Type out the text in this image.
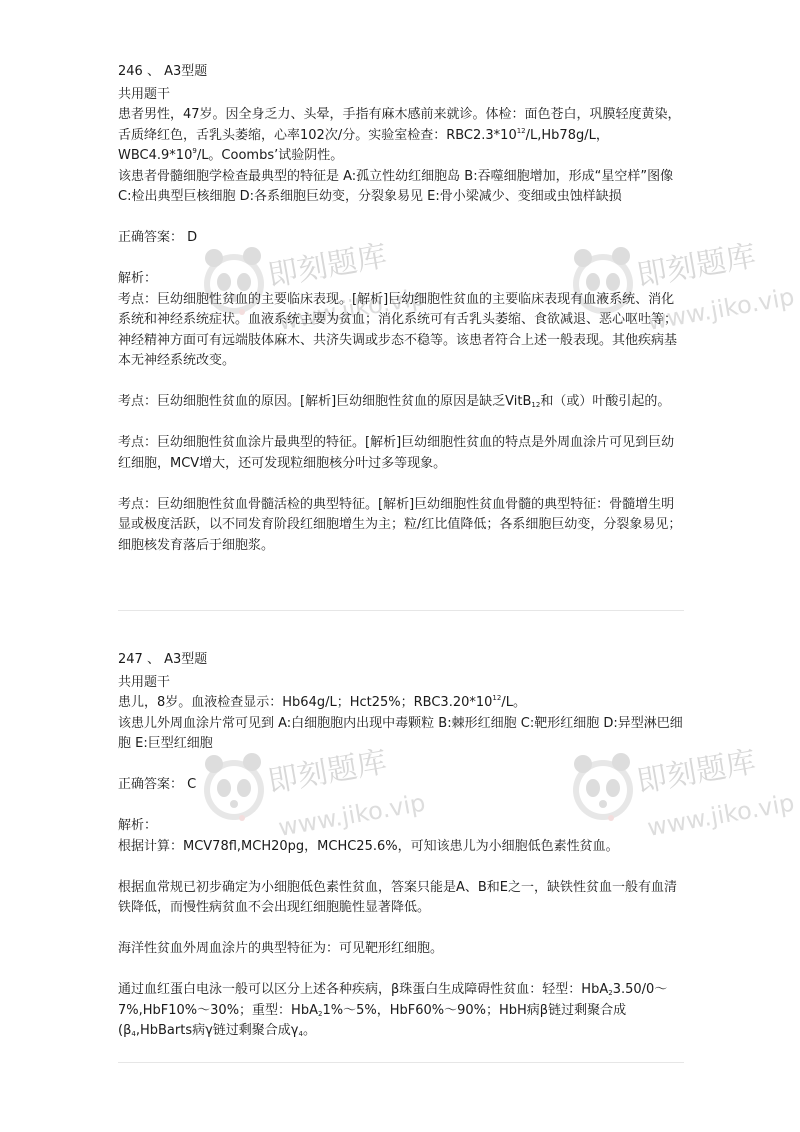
即刻题库
www.jiko.vip
即刻题库
www.jiko.vip
即刻题库
www.jiko.vip
即刻题库
www.jiko.vip

246 、 A3型题

共用题干

患者男性，47岁。因全身乏力、头晕，手指有麻木感前来就诊。体检：面色苍白，巩膜轻度黄染，舌质绛红色，舌乳头萎缩，心率102次/分。实验室检查：$RBC2.3*10^{12}/L,Hb78g/L$，$WBC4.9*10^9/L$。Coombs’试验阴性。

该患者骨髓细胞学检查最典型的特征是 A:孤立性幼红细胞岛 B:吞噬细胞增加，形成“星空样”图像 C:检出典型巨核细胞 D:各系细胞巨幼变，分裂象易见 E:骨小梁减少、变细或虫蚀样缺损

正确答案： D

解析：

考点：巨幼细胞性贫血的主要临床表现。[解析]巨幼细胞性贫血的主要临床表现有血液系统、消化系统和神经系统症状。血液系统主要为贫血；消化系统可有舌乳头萎缩、食欲减退、恶心呕吐等；神经精神方面可有远端肢体麻木、共济失调或步态不稳等。该患者符合上述一般表现。其他疾病基本无神经系统改变。

考点：巨幼细胞性贫血的原因。[解析]巨幼细胞性贫血的原因是缺乏VitB$_{12}$和（或）叶酸引起的。

考点：巨幼细胞性贫血涂片最典型的特征。[解析]巨幼细胞性贫血的特点是外周血涂片可见到巨幼红细胞，MCV增大，还可发现粒细胞核分叶过多等现象。

考点：巨幼细胞性贫血骨髓活检的典型特征。[解析]巨幼细胞性贫血骨髓的典型特征：骨髓增生明显或极度活跃，以不同发育阶段红细胞增生为主；粒/红比值降低；各系细胞巨幼变，分裂象易见；细胞核发育落后于细胞浆。

247 、 A3型题

共用题干

患儿，8岁。血液检查显示：Hb64g/L；Hct25%；$RBC3.20*10^{12}/L$。

该患儿外周血涂片常可见到 A:白细胞胞内出现中毒颗粒 B:棘形红细胞 C:靶形红细胞 D:异型淋巴细胞 E:巨型红细胞

正确答案： C

解析：

根据计算：MCV78fl,MCH20pg，MCHC25.6%，可知该患儿为小细胞低色素性贫血。

根据血常规已初步确定为小细胞低色素性贫血，答案只能是A、B和E之一，缺铁性贫血一般有血清铁降低，而慢性病贫血不会出现红细胞脆性显著降低。

海洋性贫血外周血涂片的典型特征为：可见靶形红细胞。

通过血红蛋白电泳一般可以区分上述各种疾病，β珠蛋白生成障碍性贫血：轻型：HbA$_2$3.50/0～7%,HbF10%～30%；重型：HbA$_2$1%～5%，HbF60%～90%；HbH病β链过剩聚合成($\beta_4,HbBarts$病γ链过剩聚合成$\gamma_4$。
